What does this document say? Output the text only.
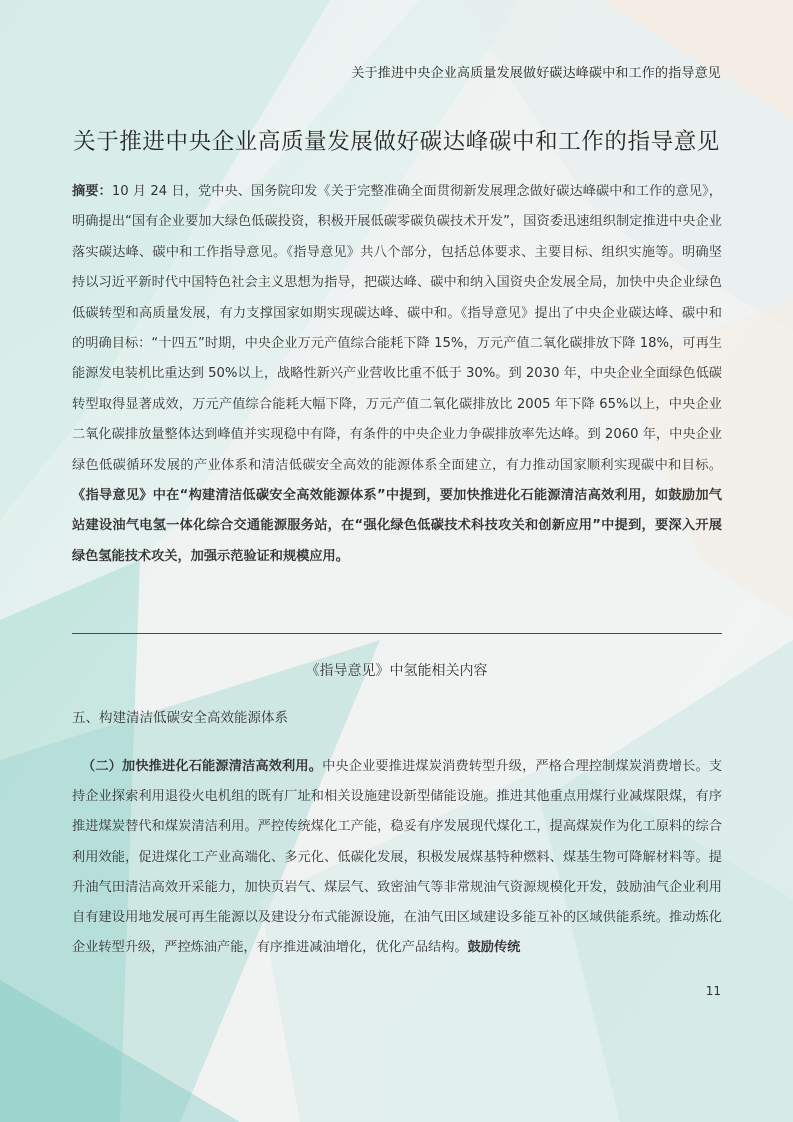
关于推进中央企业高质量发展做好碳达峰碳中和工作的指导意见
关于推进中央企业高质量发展做好碳达峰碳中和工作的指导意见
摘要：10 月 24 日，党中央、国务院印发《关于完整准确全面贯彻新发展理念做好碳达峰碳中和工作的意见》，明确提出“国有企业要加大绿色低碳投资，积极开展低碳零碳负碳技术开发”，国资委迅速组织制定推进中央企业落实碳达峰、碳中和工作指导意见。《指导意见》共八个部分，包括总体要求、主要目标、组织实施等。明确坚持以习近平新时代中国特色社会主义思想为指导，把碳达峰、碳中和纳入国资央企发展全局，加快中央企业绿色低碳转型和高质量发展，有力支撑国家如期实现碳达峰、碳中和。《指导意见》提出了中央企业碳达峰、碳中和的明确目标：“十四五”时期，中央企业万元产值综合能耗下降 15%，万元产值二氧化碳排放下降 18%，可再生能源发电装机比重达到 50%以上，战略性新兴产业营收比重不低于 30%。到 2030 年，中央企业全面绿色低碳转型取得显著成效，万元产值综合能耗大幅下降，万元产值二氧化碳排放比 2005 年下降 65%以上，中央企业二氧化碳排放量整体达到峰值并实现稳中有降，有条件的中央企业力争碳排放率先达峰。到 2060 年，中央企业绿色低碳循环发展的产业体系和清洁低碳安全高效的能源体系全面建立，有力推动国家顺利实现碳中和目标。《指导意见》中在“构建清洁低碳安全高效能源体系”中提到，要加快推进化石能源清洁高效利用，如鼓励加气站建设油气电氢一体化综合交通能源服务站，在“强化绿色低碳技术科技攻关和创新应用”中提到，要深入开展绿色氢能技术攻关，加强示范验证和规模应用。
《指导意见》中氢能相关内容
五、构建清洁低碳安全高效能源体系
（二）加快推进化石能源清洁高效利用。中央企业要推进煤炭消费转型升级，严格合理控制煤炭消费增长。支持企业探索利用退役火电机组的既有厂址和相关设施建设新型储能设施。推进其他重点用煤行业减煤限煤，有序推进煤炭替代和煤炭清洁利用。严控传统煤化工产能，稳妥有序发展现代煤化工，提高煤炭作为化工原料的综合利用效能，促进煤化工产业高端化、多元化、低碳化发展，积极发展煤基特种燃料、煤基生物可降解材料等。提升油气田清洁高效开采能力，加快页岩气、煤层气、致密油气等非常规油气资源规模化开发，鼓励油气企业利用自有建设用地发展可再生能源以及建设分布式能源设施，在油气田区域建设多能互补的区域供能系统。推动炼化企业转型升级，严控炼油产能，有序推进减油增化，优化产品结构。鼓励传统
11
